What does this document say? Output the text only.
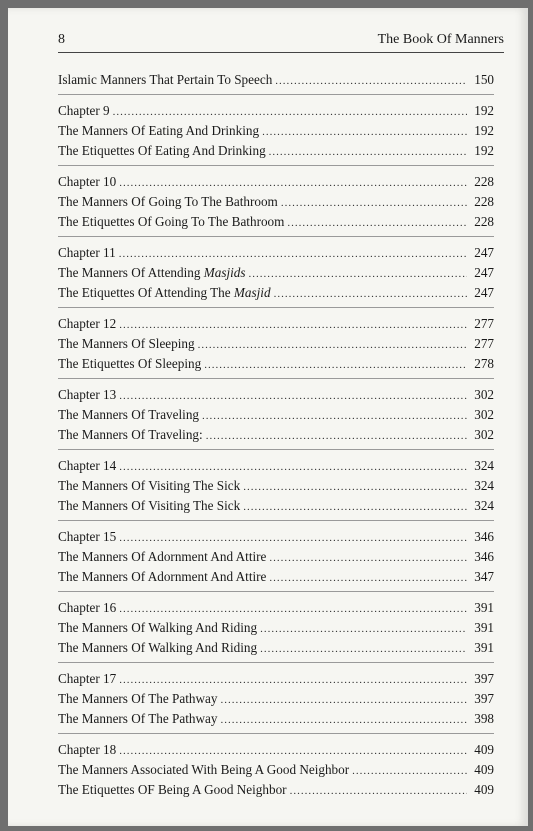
8	The Book Of Manners
Islamic Manners That Pertain To Speech .....	150
Chapter 9 .....	192
The Manners Of Eating And Drinking .....	192
The Etiquettes Of Eating And Drinking .....	192
Chapter 10 .....	228
The Manners Of Going To The Bathroom .....	228
The Etiquettes Of Going To The Bathroom .....	228
Chapter 11 .....	247
The Manners Of Attending Masjids .....	247
The Etiquettes Of Attending The Masjid .....	247
Chapter 12 .....	277
The Manners Of Sleeping .....	277
The Etiquettes Of Sleeping .....	278
Chapter 13 .....	302
The Manners Of Traveling .....	302
The Manners Of Traveling: .....	302
Chapter 14 .....	324
The Manners Of Visiting The Sick .....	324
The Manners Of Visiting The Sick .....	324
Chapter 15 .....	346
The Manners Of Adornment And Attire .....	346
The Manners Of Adornment And Attire .....	347
Chapter 16 .....	391
The Manners Of Walking And Riding .....	391
The Manners Of Walking And Riding .....	391
Chapter 17 .....	397
The Manners Of The Pathway .....	397
The Manners Of The Pathway .....	398
Chapter 18 .....	409
The Manners Associated With Being A Good Neighbor .....	409
The Etiquettes OF Being A Good Neighbor .....	409
